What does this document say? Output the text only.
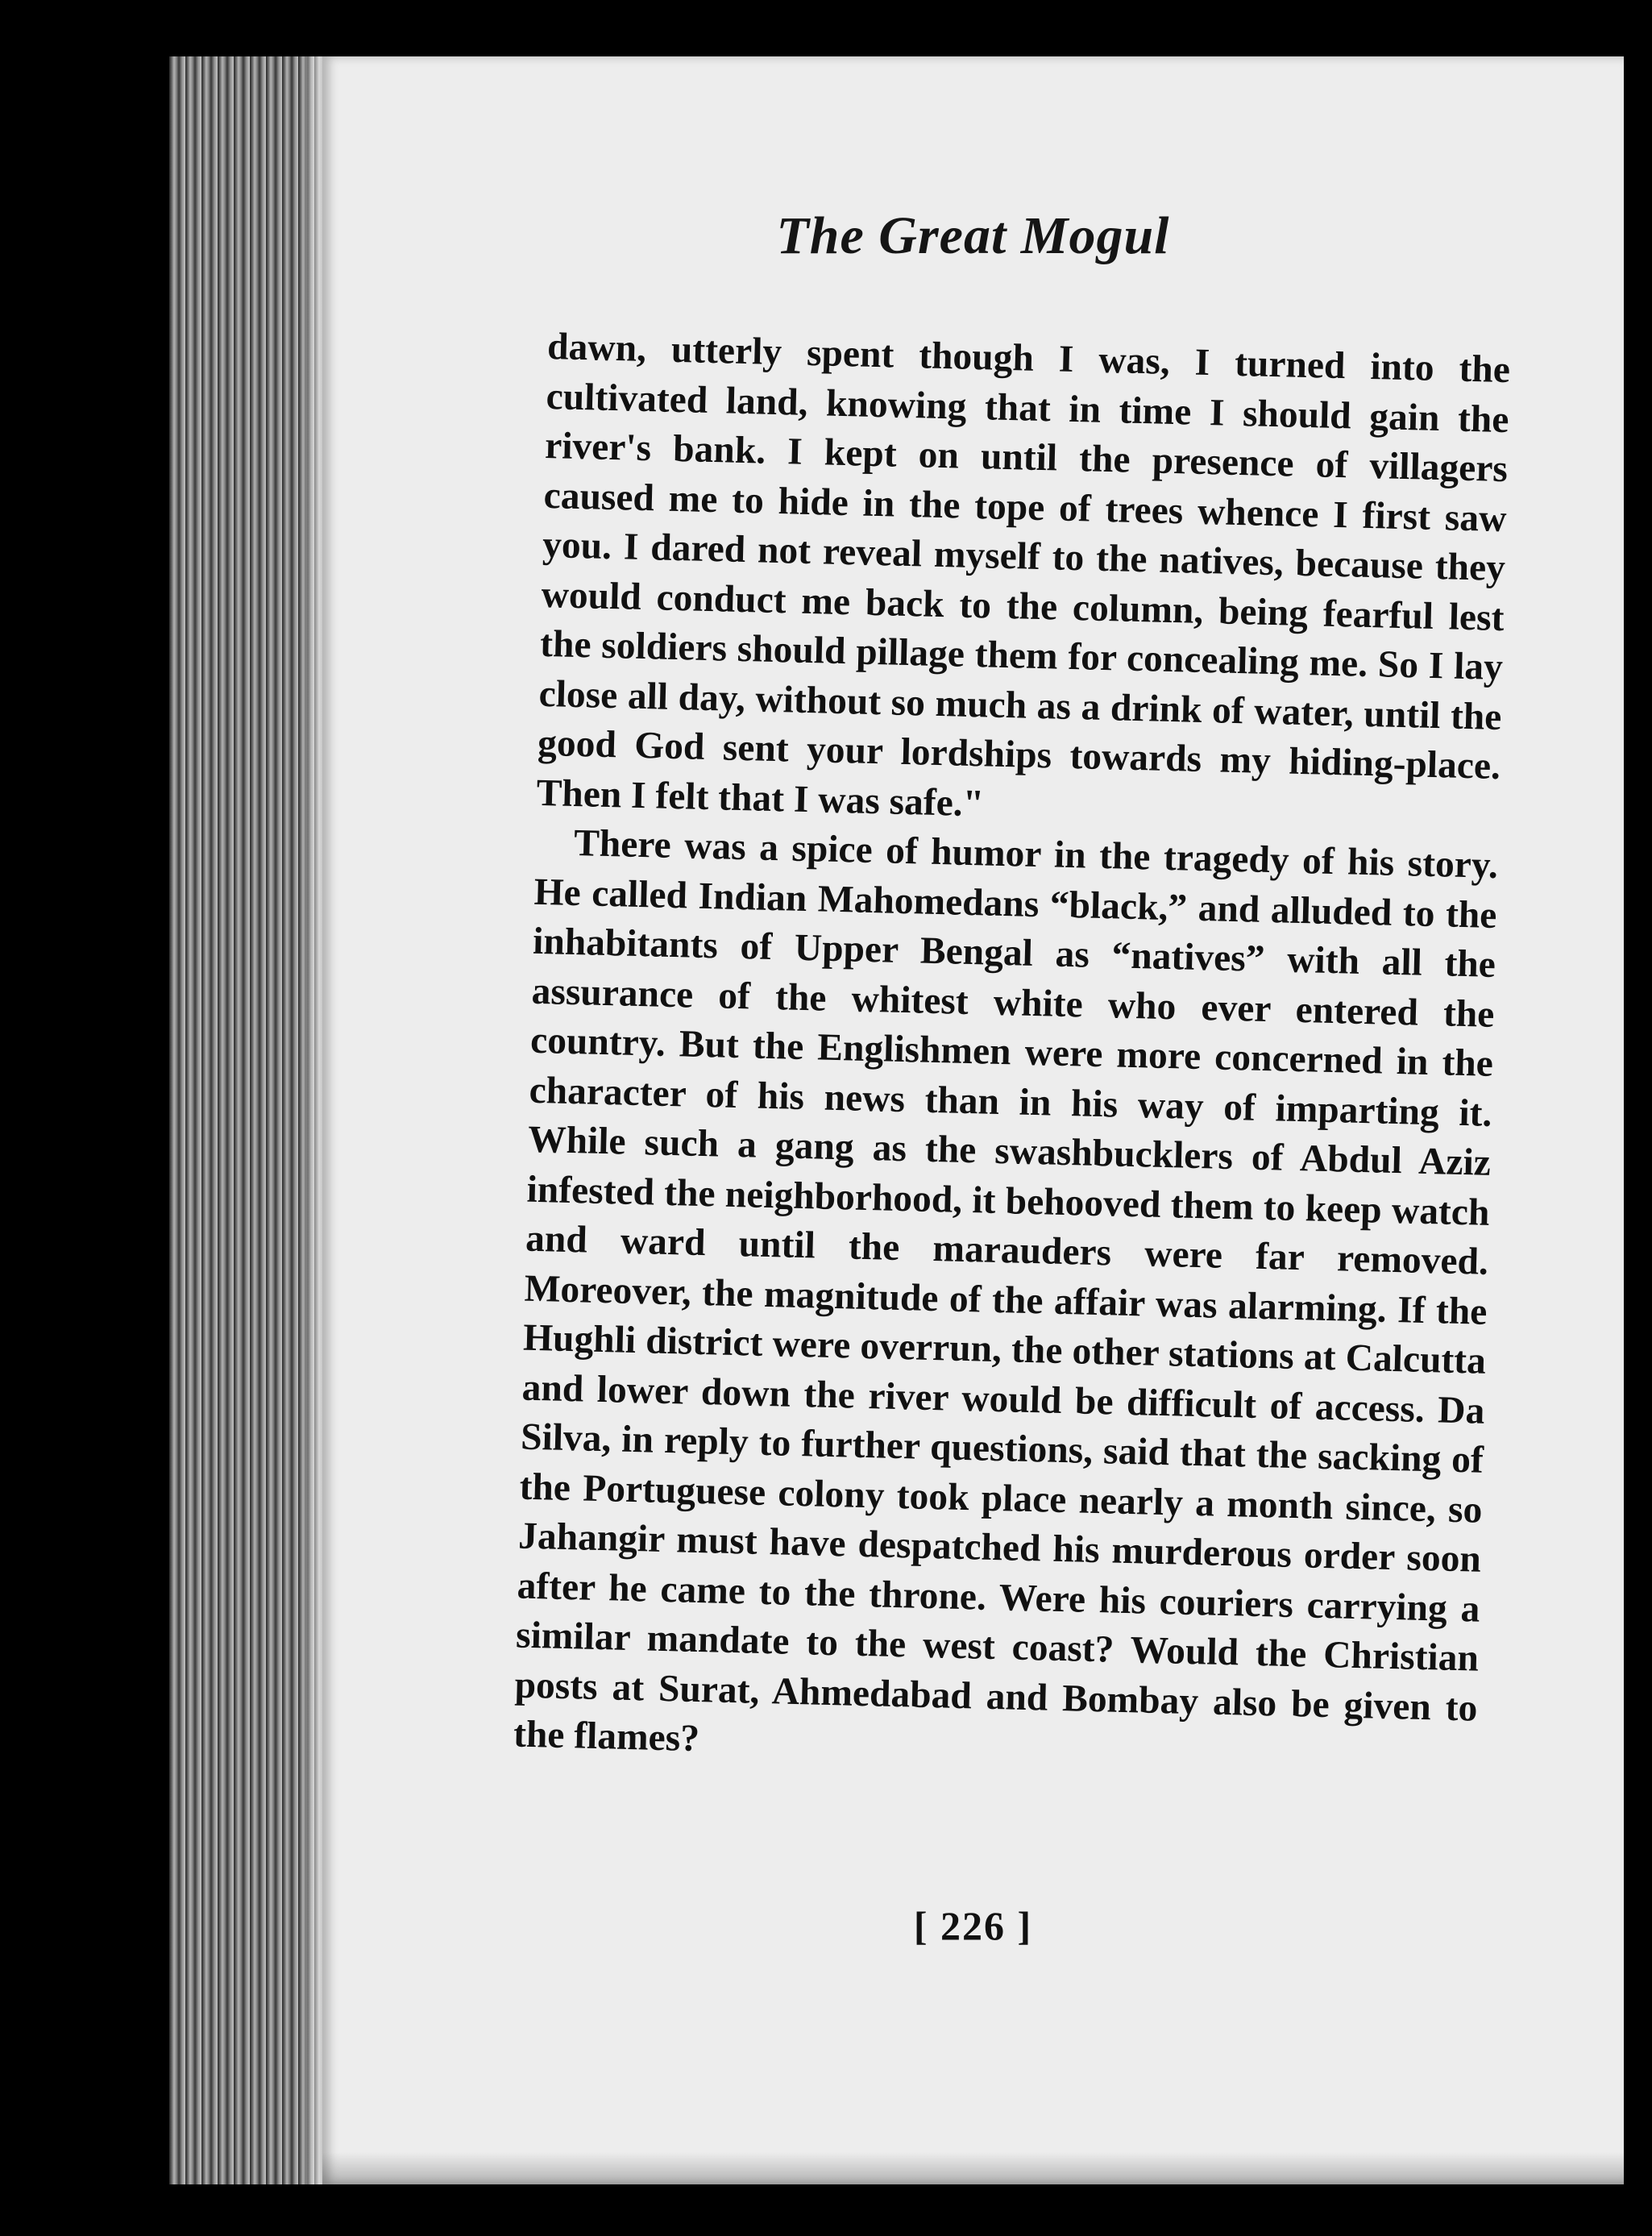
The Great Mogul

dawn, utterly spent though I was, I turned into the cultivated land, knowing that in time I should gain the river's bank. I kept on until the presence of villagers caused me to hide in the tope of trees whence I first saw you. I dared not reveal myself to the natives, because they would conduct me back to the column, being fearful lest the soldiers should pillage them for concealing me. So I lay close all day, without so much as a drink of water, until the good God sent your lordships towards my hiding-place. Then I felt that I was safe."

There was a spice of humor in the tragedy of his story. He called Indian Mahomedans “black,” and alluded to the inhabitants of Upper Bengal as “natives” with all the assurance of the whitest white who ever entered the country. But the Englishmen were more concerned in the character of his news than in his way of imparting it. While such a gang as the swashbucklers of Abdul Aziz infested the neighborhood, it behooved them to keep watch and ward until the marauders were far removed. Moreover, the magnitude of the affair was alarming. If the Hughli district were overrun, the other stations at Calcutta and lower down the river would be difficult of access. Da Silva, in reply to further questions, said that the sacking of the Portuguese colony took place nearly a month since, so Jahangir must have despatched his murderous order soon after he came to the throne. Were his couriers carrying a similar mandate to the west coast? Would the Christian posts at Surat, Ahmedabad and Bombay also be given to the flames?

[ 226 ]
